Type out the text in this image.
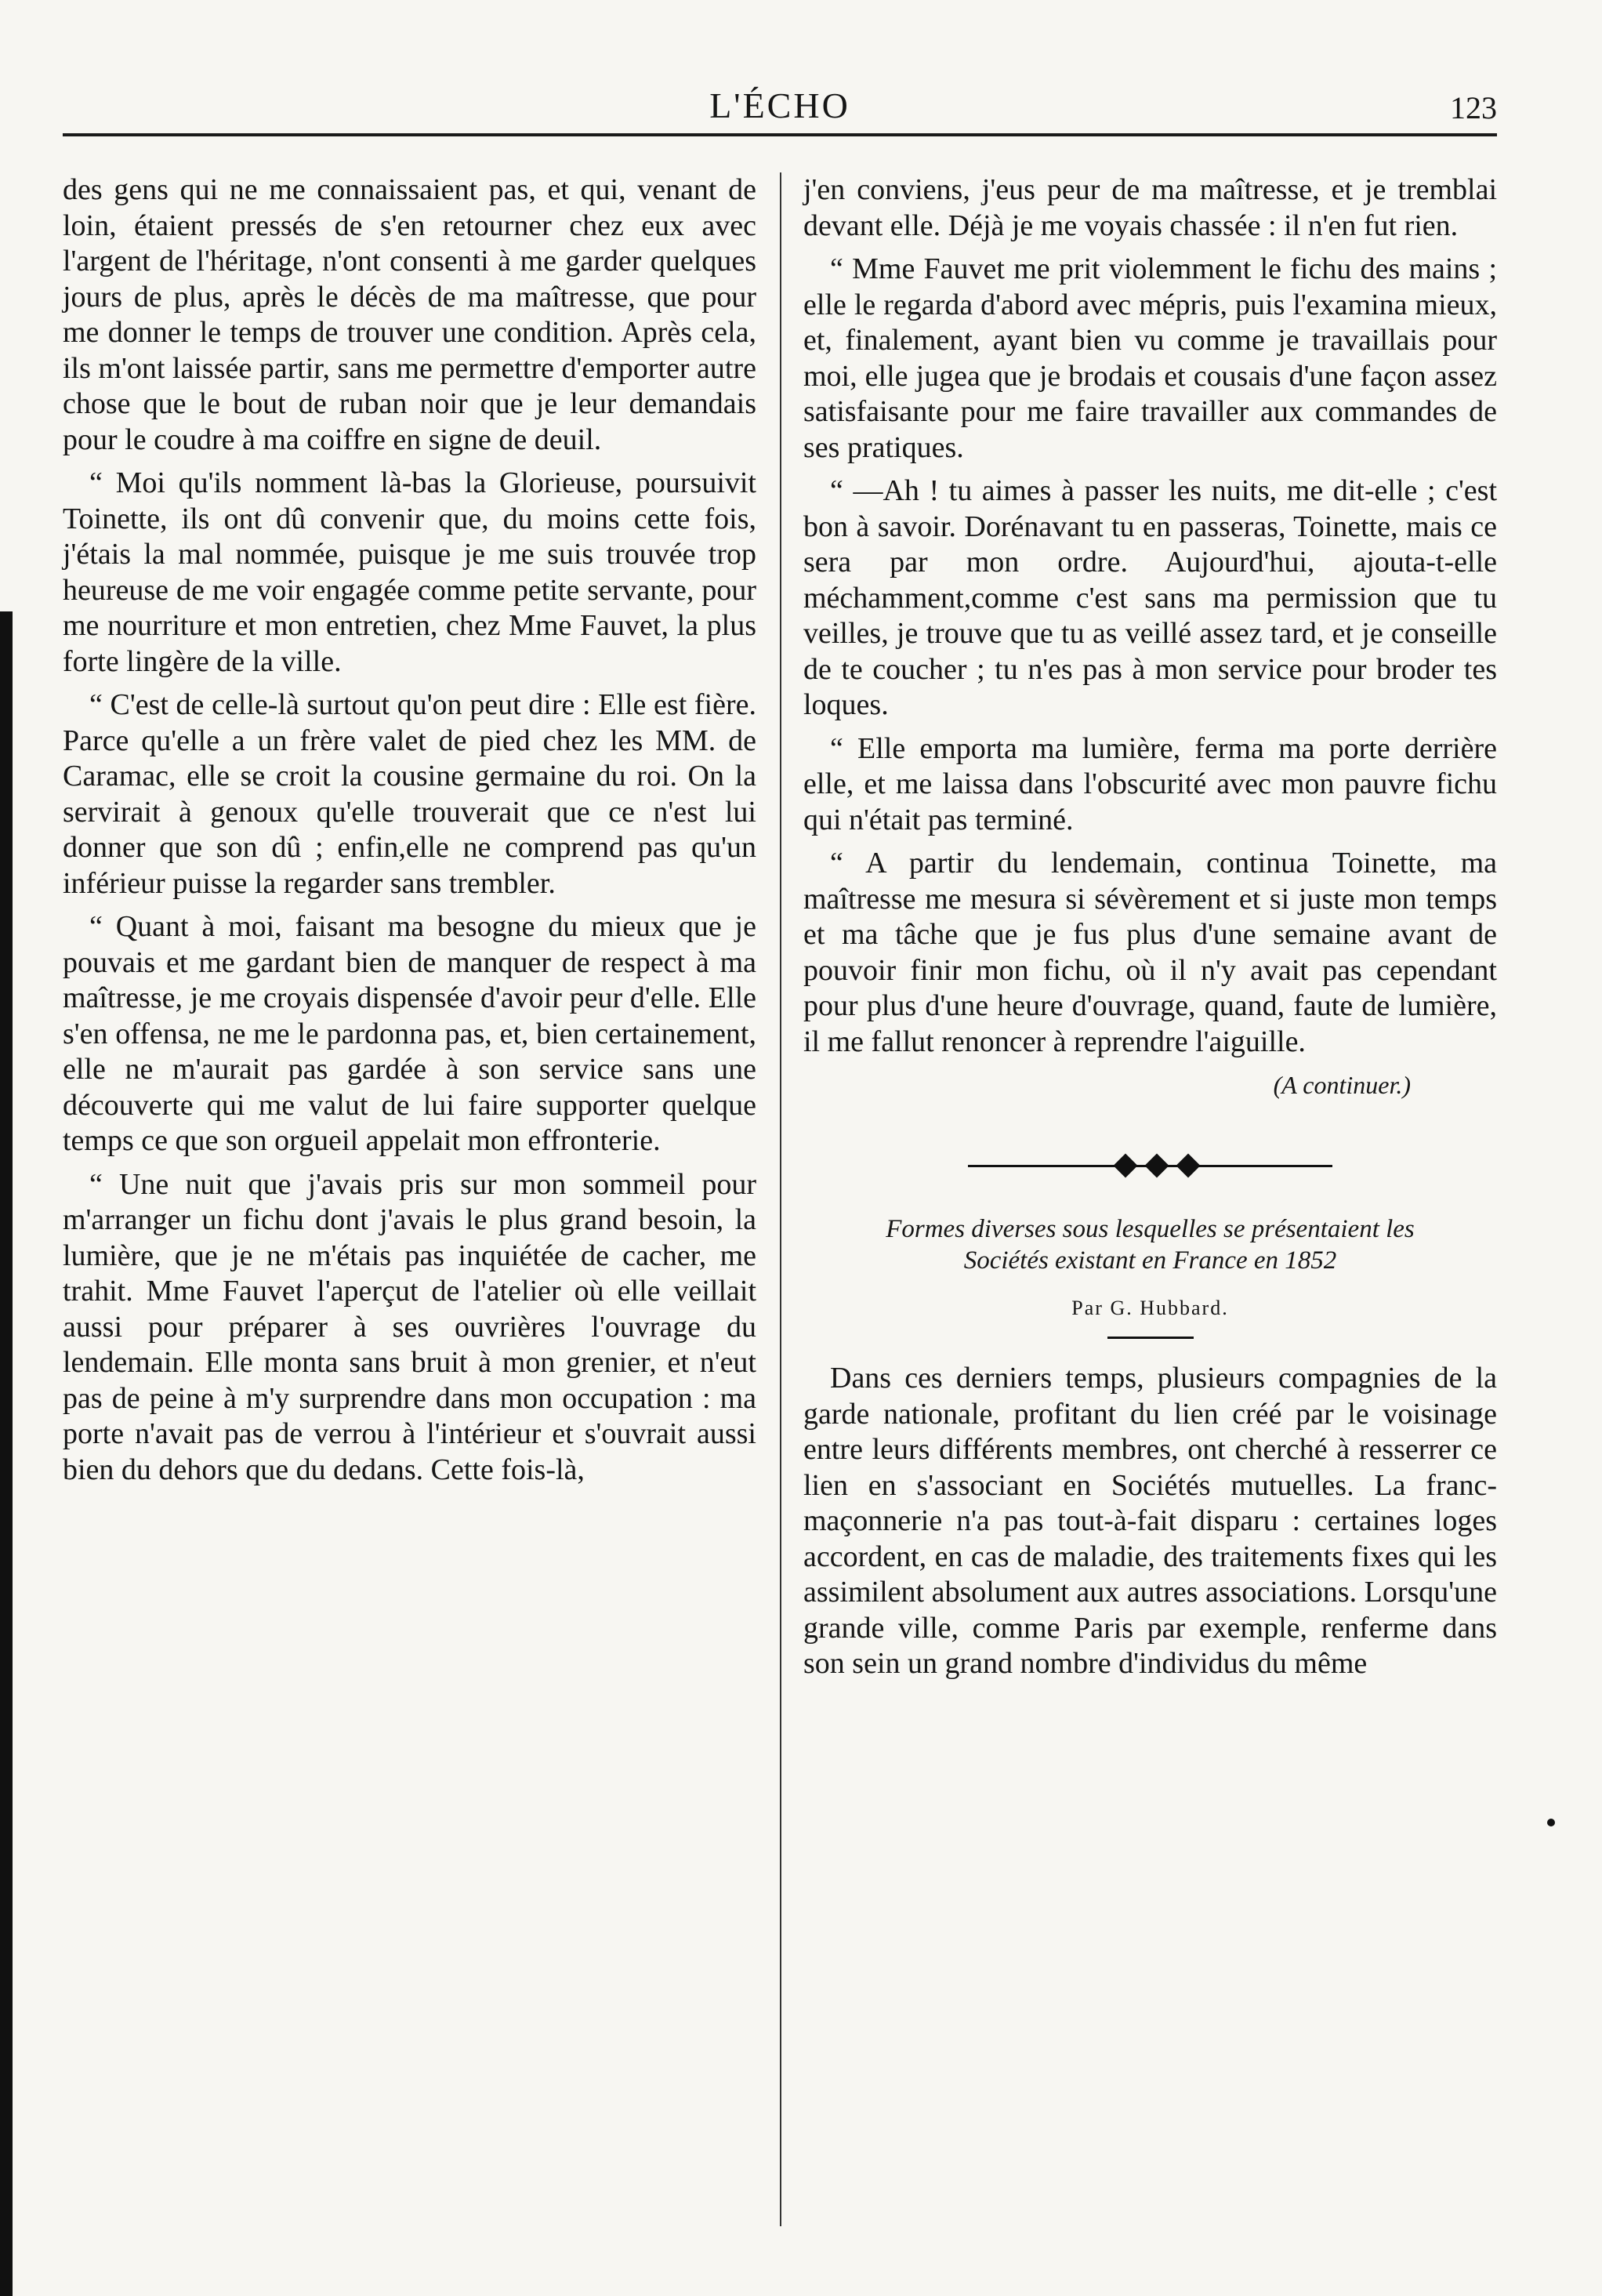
L'ÉCHO	123

des gens qui ne me connaissaient pas, et qui, venant de loin, étaient pressés de s'en retourner chez eux avec l'argent de l'héritage, n'ont consenti à me garder quelques jours de plus, après le décès de ma maîtresse, que pour me donner le temps de trouver une condition. Après cela, ils m'ont laissée partir, sans me permettre d'emporter autre chose que le bout de ruban noir que je leur demandais pour le coudre à ma coiffre en signe de deuil.

“ Moi qu'ils nomment là-bas la Glorieuse, poursuivit Toinette, ils ont dû convenir que, du moins cette fois, j'étais la mal nommée, puisque je me suis trouvée trop heureuse de me voir engagée comme petite servante, pour me nourriture et mon entretien, chez Mme Fauvet, la plus forte lingère de la ville.

“ C'est de celle-là surtout qu'on peut dire : Elle est fière. Parce qu'elle a un frère valet de pied chez les MM. de Caramac, elle se croit la cousine germaine du roi. On la servirait à genoux qu'elle trouverait que ce n'est lui donner que son dû ; enfin,elle ne comprend pas qu'un inférieur puisse la regarder sans trembler.

“ Quant à moi, faisant ma besogne du mieux que je pouvais et me gardant bien de manquer de respect à ma maîtresse, je me croyais dispensée d'avoir peur d'elle. Elle s'en offensa, ne me le pardonna pas, et, bien certainement, elle ne m'aurait pas gardée à son service sans une découverte qui me valut de lui faire supporter quelque temps ce que son orgueil appelait mon effronterie.

“ Une nuit que j'avais pris sur mon sommeil pour m'arranger un fichu dont j'avais le plus grand besoin, la lumière, que je ne m'étais pas inquiétée de cacher, me trahit. Mme Fauvet l'aperçut de l'atelier où elle veillait aussi pour préparer à ses ouvrières l'ouvrage du lendemain. Elle monta sans bruit à mon grenier, et n'eut pas de peine à m'y surprendre dans mon occupation : ma porte n'avait pas de verrou à l'intérieur et s'ouvrait aussi bien du dehors que du dedans. Cette fois-là,

j'en conviens, j'eus peur de ma maîtresse, et je tremblai devant elle. Déjà je me voyais chassée : il n'en fut rien.

“ Mme Fauvet me prit violemment le fichu des mains ; elle le regarda d'abord avec mépris, puis l'examina mieux, et, finalement, ayant bien vu comme je travaillais pour moi, elle jugea que je brodais et cousais d'une façon assez satisfaisante pour me faire travailler aux commandes de ses pratiques.

“ —Ah ! tu aimes à passer les nuits, me dit-elle ; c'est bon à savoir. Dorénavant tu en passeras, Toinette, mais ce sera par mon ordre. Aujourd'hui, ajouta-t-elle méchamment,comme c'est sans ma permission que tu veilles, je trouve que tu as veillé assez tard, et je conseille de te coucher ; tu n'es pas à mon service pour broder tes loques.

“ Elle emporta ma lumière, ferma ma porte derrière elle, et me laissa dans l'obscurité avec mon pauvre fichu qui n'était pas terminé.

“ A partir du lendemain, continua Toinette, ma maîtresse me mesura si sévèrement et si juste mon temps et ma tâche que je fus plus d'une semaine avant de pouvoir finir mon fichu, où il n'y avait pas cependant pour plus d'une heure d'ouvrage, quand, faute de lumière, il me fallut renoncer à reprendre l'aiguille.

(A continuer.)
Formes diverses sous lesquelles se présentaient les
Sociétés existant en France en 1852
Par G. Hubbard.

Dans ces derniers temps, plusieurs compagnies de la garde nationale, profitant du lien créé par le voisinage entre leurs différents membres, ont cherché à resserrer ce lien en s'associant en Sociétés mutuelles. La franc-maçonnerie n'a pas tout-à-fait disparu : certaines loges accordent, en cas de maladie, des traitements fixes qui les assimilent absolument aux autres associations. Lorsqu'une grande ville, comme Paris par exemple, renferme dans son sein un grand nombre d'individus du même
